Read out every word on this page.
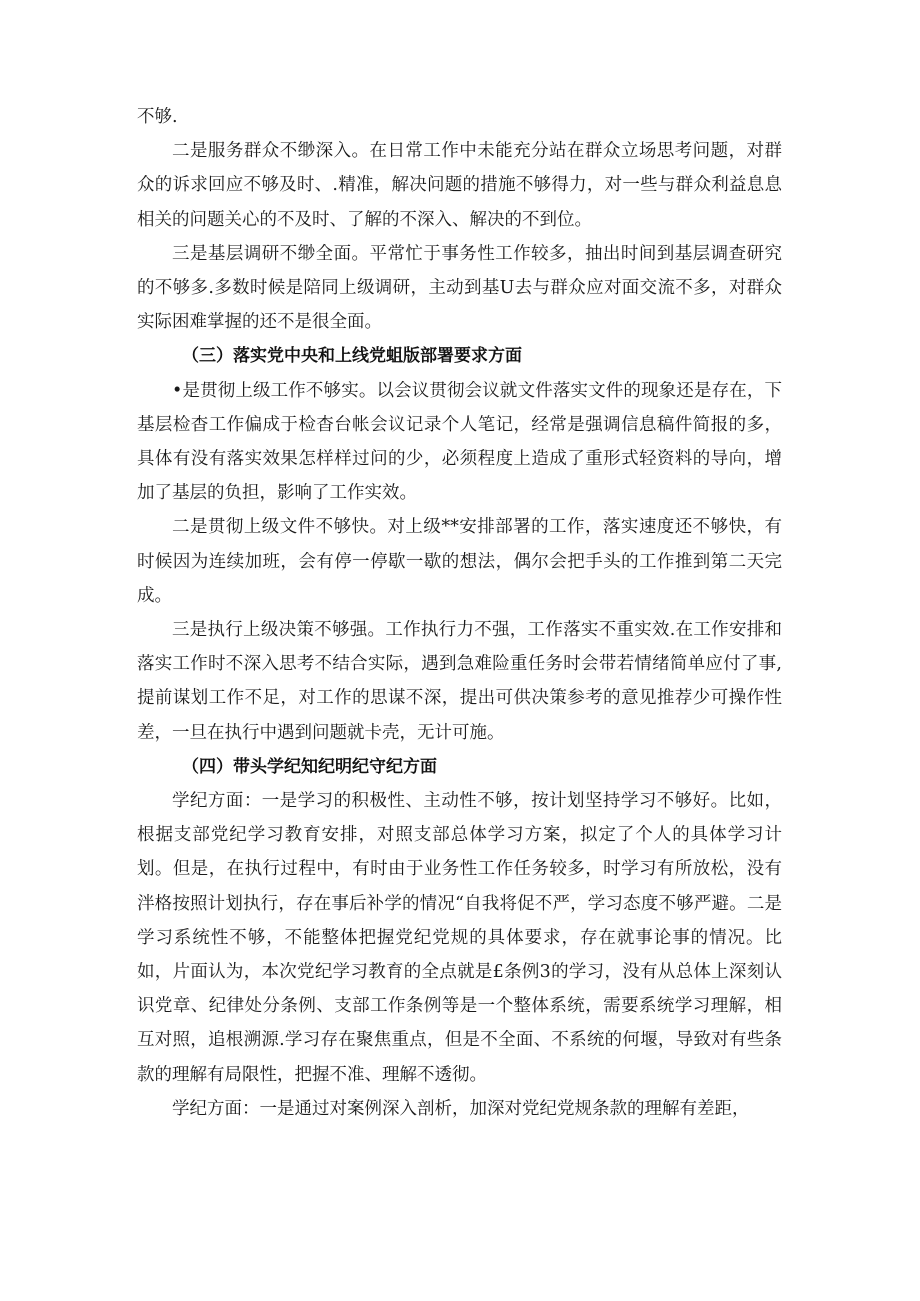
不够.

二是服务群众不缈深入。在日常工作中未能充分站在群众立场思考问题，对群众的诉求回应不够及时、.精准，解决问题的措施不够得力，对一些与群众利益息息相关的问题关心的不及时、了解的不深入、解决的不到位。

三是基层调研不缈全面。平常忙于事务性工作较多，抽出时间到基层调查研究的不够多.多数时候是陪同上级调研，主动到基U去与群众应对面交流不多，对群众实际困难掌握的还不是很全面。

（三）落实党中央和上线党蛆版部署要求方面

•是贯彻上级工作不够实。以会议贯彻会议就文件落实文件的现象还是存在，下基层检杳工作偏成于检杳台帐会议记录个人笔记，经常是强调信息稿件简报的多，具体有没有落实效果怎样样过问的少，必须程度上造成了重形式轻资料的导向，增加了基层的负担，影响了工作实效。

二是贯彻上级文件不够快。对上级**安排部署的工作，落实速度还不够快，有时候因为连续加班，会有停一停歇一歇的想法，偶尔会把手头的工作推到第二天完成。

三是执行上级决策不够强。工作执行力不强，工作落实不重实效.在工作安排和落实工作时不深入思考不结合实际，遇到急难险重任务时会带若情绪简单应付了事,提前谋划工作不足，对工作的思谋不深，提出可供决策参考的意见推荐少可操作性差，一旦在执行中遇到问题就卡壳，无计可施。

（四）带头学纪知纪明纪守纪方面

学纪方面：一是学习的积极性、主动性不够，按计划坚持学习不够好。比如，根据支部党纪学习教育安排，对照支部总体学习方案，拟定了个人的具体学习计划。但是，在执行过程中，有时由于业务性工作任务较多，时学习有所放松，没有泮格按照计划执行，存在事后补学的情况“自我将促不严，学习态度不够严避。二是学习系统性不够，不能整体把握党纪党规的具体要求，存在就事论事的情况。比如，片面认为，本次党纪学习教育的全点就是£条例3的学习，没有从总体上深刻认识党章、纪律处分条例、支部工作条例等是一个整体系统，需要系统学习理解，相互对照，追根溯源.学习存在聚焦重点，但是不全面、不系统的何堰，导致对有些条款的理解有局限性，把握不准、理解不透彻。

学纪方面：一是通过对案例深入剖析，加深对党纪党规条款的理解有差距，
